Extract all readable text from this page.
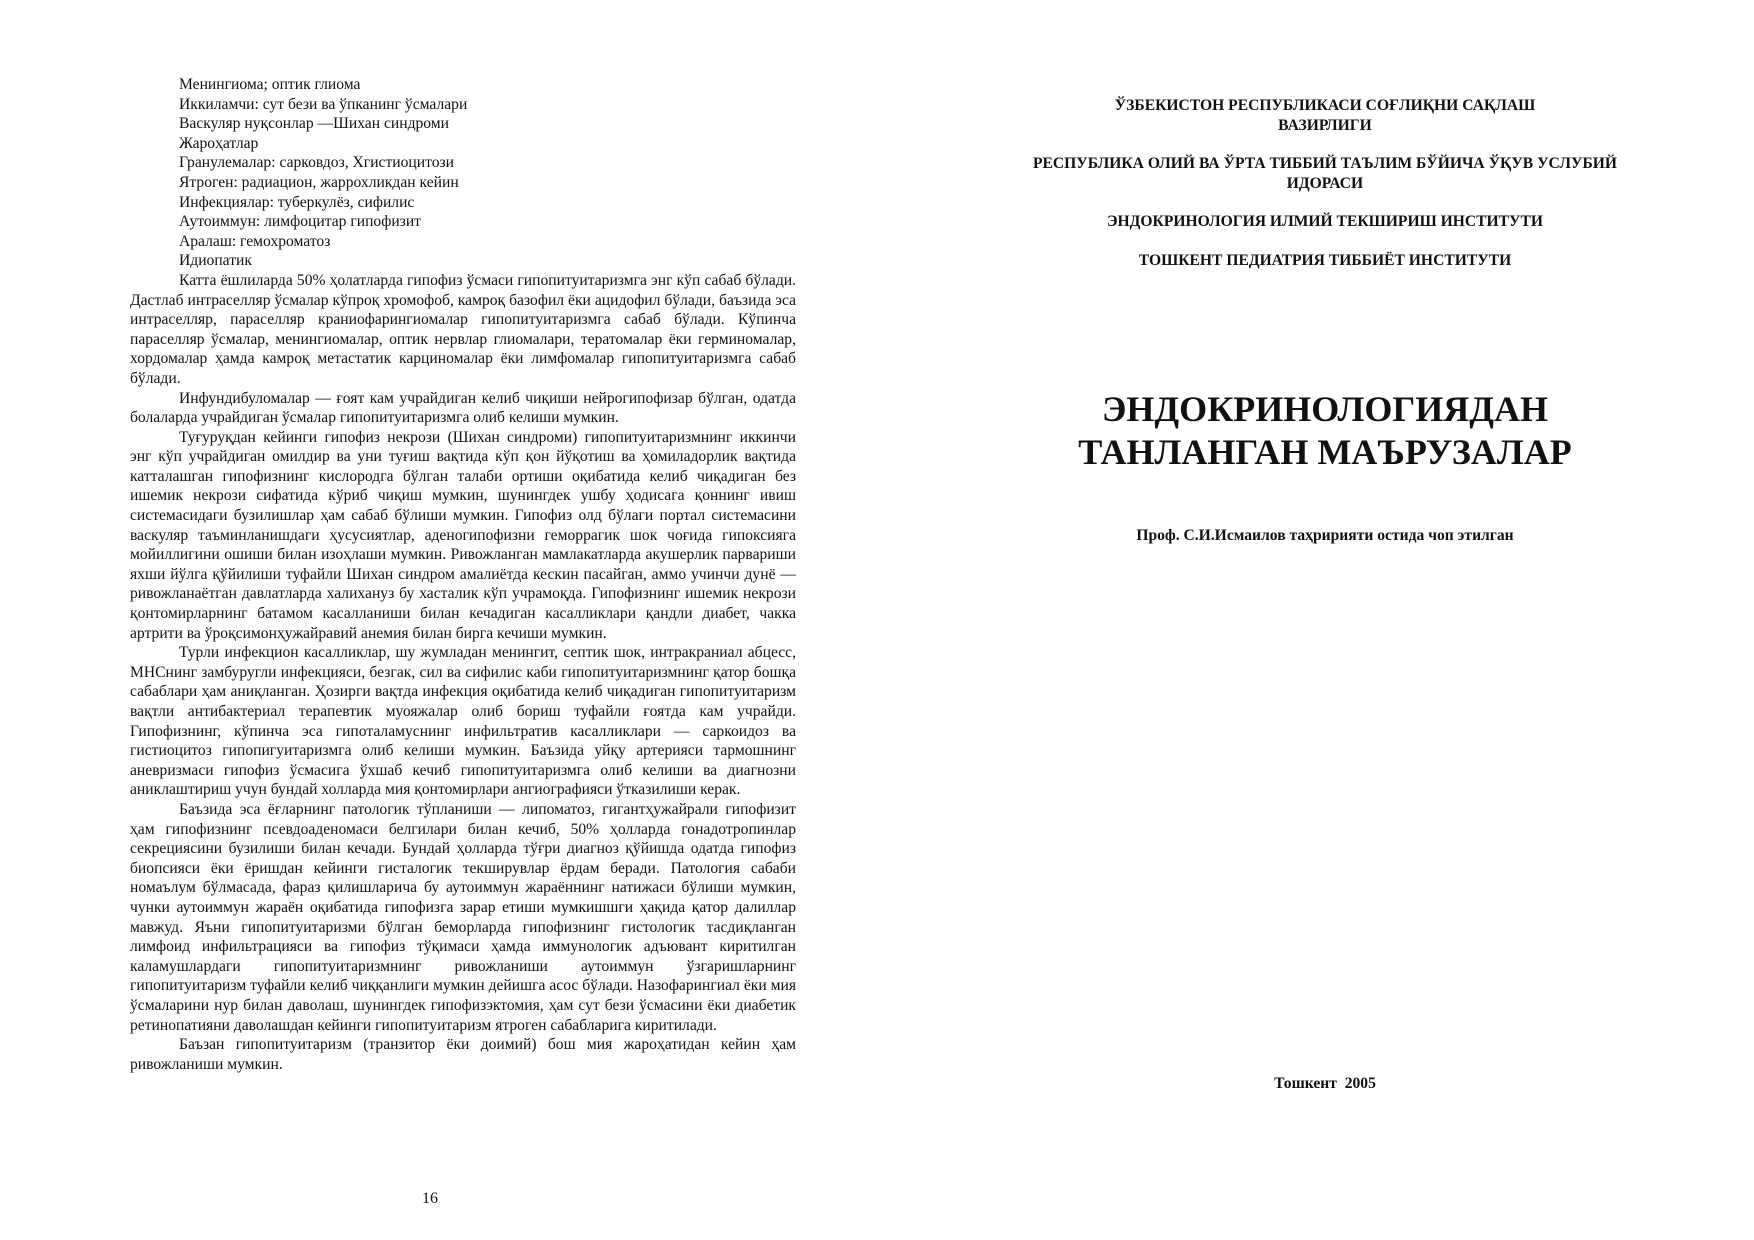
Менингиома; оптик глиома
Иккиламчи: сут бези ва ўпканинг ўсмалари
Васкуляр нуқсонлар —Шихан синдроми
Жароҳатлар
Гранулемалар: сарковдоз, Хгистиоцитози
Ятроген: радиацион, жаррохликдан кейин
Инфекциялар: туберкулёз, сифилис
Аутоиммун: лимфоцитар гипофизит
Аралаш: гемохроматоз
Идиопатик

Катта ёшлиларда 50% ҳолатларда гипофиз ўсмаси гипопитуитаризмга энг кўп сабаб бўлади. Дастлаб интраселляр ўсмалар кўпроқ хромофоб, камроқ базофил ёки ацидофил бўлади, баъзида эса интраселляр, параселляр краниофарингиомалар гипопитуитаризмга сабаб бўлади. Кўпинча параселляр ўсмалар, менингиомалар, оптик нервлар глиомалари, тератомалар ёки герминомалар, хордомалар ҳамда камроқ метастатик карциномалар ёки лимфомалар гипопитуитаризмга сабаб бўлади.

Инфундибуломалар — ғоят кам учрайдиган келиб чиқиши нейрогипофизар бўлган, одатда болаларда учрайдиган ўсмалар гипопитуитаризмга олиб келиши мумкин.

Туғуруқдан кейинги гипофиз некрози (Шихан синдроми) гипопитуитаризмнинг иккинчи энг кўп учрайдиган омилдир ва уни туғиш вақтида кўп қон йўқотиш ва ҳомиладорлик вақтида катталашган гипофизнинг кислородга бўлган талаби ортиши оқибатида келиб чиқадиган без ишемик некрози сифатида кўриб чиқиш мумкин, шунингдек ушбу ҳодисага қоннинг ивиш системасидаги бузилишлар ҳам сабаб бўлиши мумкин. Гипофиз олд бўлаги портал системасини васкуляр таъминланишдаги ҳусусиятлар, аденогипофизни геморрагик шок чоғида гипоксияга мойиллигини ошиши билан изоҳлаши мумкин. Ривожланган мамлакатларда акушерлик парвариши яхши йўлга қўйилиши туфайли Шихан синдром амалиётда кескин пасайган, аммо учинчи дунё — ривожланаётган давлатларда халихануз бу хасталик кўп учрамоқда. Гипофизнинг ишемик некрози қонтомирларнинг батамом касалланиши билан кечадиган касалликлари қандли диабет, чакка артрити ва ўроқсимонҳужайравий анемия билан бирга кечиши мумкин.

Турли инфекцион касалликлар, шу жумладан менингит, септик шок, интракраниал абцесс, МНСнинг замбуругли инфекцияси, безгак, сил ва сифилис каби гипопитуитаризмнинг қатор бошқа сабаблари ҳам аниқланган. Ҳозирги вақтда инфекция оқибатида келиб чиқадиган гипопитуитаризм вақтли антибактериал терапевтик муояжалар олиб бориш туфайли ғоятда кам учрайди. Гипофизнинг, кўпинча эса гипоталамуснинг инфильтратив касалликлари — саркоидоз ва гистиоцитоз гипопигуитаризмга олиб келиши мумкин. Баъзида уйқу артерияси тармошнинг аневризмаси гипофиз ўсмасига ўхшаб кечиб гипопитуитаризмга олиб келиши ва диагнозни аниклаштириш учун бундай холларда мия қонтомирлари ангиографияси ўтказилиши керак.

Баъзида эса ёғларнинг патологик тўпланиши — липоматоз, гигантҳужайрали гипофизит ҳам гипофизнинг псевдоаденомаси белгилари билан кечиб, 50% ҳолларда гонадотропинлар секрециясини бузилиши билан кечади. Бундай ҳолларда тўғри диагноз қўйишда одатда гипофиз биопсияси ёки ёришдан кейинги гисталогик текширувлар ёрдам беради. Патология сабаби номаълум бўлмасада, фараз қилишларича бу аутоиммун жараённинг натижаси бўлиши мумкин, чунки аутоиммун жараён оқибатида гипофизга зарар етиши мумкишшги ҳақида қатор далиллар мавжуд. Яъни гипопитуитаризми бўлган беморларда гипофизнинг гистологик тасдиқланган лимфоид инфильтрацияси ва гипофиз тўқимаси ҳамда иммунологик адъювант киритилган каламушлардаги гипопитуитаризмнинг ривожланиши аутоиммун ўзгаришларнинг гипопитуитаризм туфайли келиб чиққанлиги мумкин дейишга асос бўлади. Назофарингиал ёки мия ўсмаларини нур билан даволаш, шунингдек гипофизэктомия, ҳам сут бези ўсмасини ёки диабетик ретинопатияни даволашдан кейинги гипопитуитаризм ятроген сабабларига киритилади.

Баъзан гипопитуитаризм (транзитор ёки доимий) бош мия жароҳатидан кейин ҳам ривожланиши мумкин.

16

ЎЗБЕКИСТОН РЕСПУБЛИКАСИ СОҒЛИҚНИ САҚЛАШ

ВАЗИРЛИГИ

РЕСПУБЛИКА ОЛИЙ ВА ЎРТА ТИББИЙ ТАЪЛИМ БЎЙИЧА ЎҚУВ УСЛУБИЙ

ИДОРАСИ

ЭНДОКРИНОЛОГИЯ ИЛМИЙ ТЕКШИРИШ ИНСТИТУТИ

ТОШКЕНТ ПЕДИАТРИЯ ТИББИЁТ ИНСТИТУТИ

ЭНДОКРИНОЛОГИЯДАН
ТАНЛАНГАН МАЪРУЗАЛАР
Проф. С.И.Исмаилов таҳририяти остида чоп этилган
Тошкент  2005
